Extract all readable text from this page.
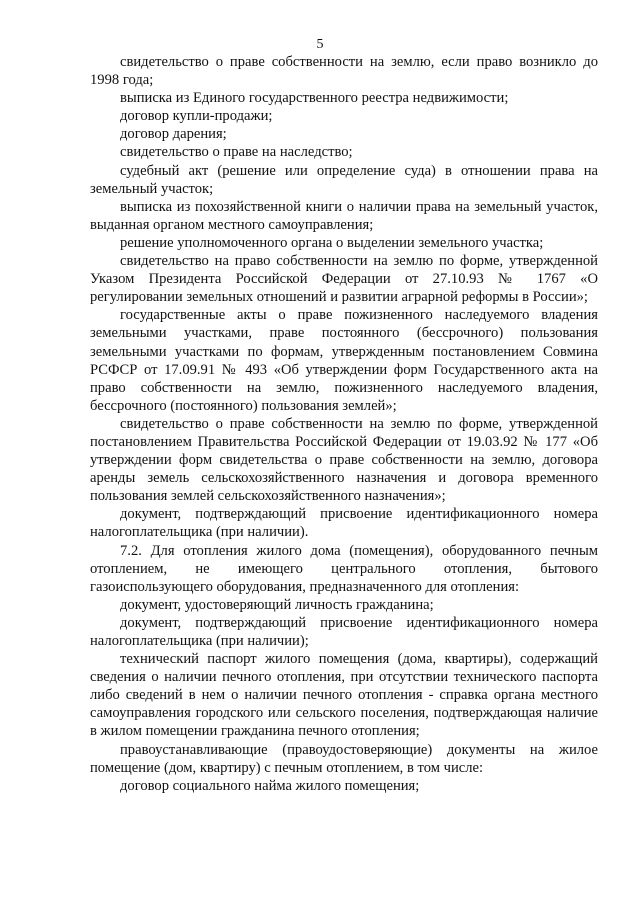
5

свидетельство о праве собственности на землю, если право возникло до 1998 года;

выписка из Единого государственного реестра недвижимости;

договор купли-продажи;

договор дарения;

свидетельство о праве на наследство;

судебный акт (решение или определение суда) в отношении права на земельный участок;

выписка из похозяйственной книги о наличии права на земельный участок, выданная органом местного самоуправления;

решение уполномоченного органа о выделении земельного участка;

свидетельство на право собственности на землю по форме, утвержденной Указом Президента Российской Федерации от 27.10.93 № 1767 «О регулировании земельных отношений и развитии аграрной реформы в России»;

государственные акты о праве пожизненного наследуемого владения земельными участками, праве постоянного (бессрочного) пользования земельными участками по формам, утвержденным постановлением Совмина РСФСР от 17.09.91 № 493 «Об утверждении форм Государственного акта на право собственности на землю, пожизненного наследуемого владения, бессрочного (постоянного) пользования землей»;

свидетельство о праве собственности на землю по форме, утвержденной постановлением Правительства Российской Федерации от 19.03.92 № 177 «Об утверждении форм свидетельства о праве собственности на землю, договора аренды земель сельскохозяйственного назначения и договора временного пользования землей сельскохозяйственного назначения»;

документ, подтверждающий присвоение идентификационного номера налогоплательщика (при наличии).

7.2. Для отопления жилого дома (помещения), оборудованного печным отоплением, не имеющего центрального отопления, бытового газоиспользующего оборудования, предназначенного для отопления:

документ, удостоверяющий личность гражданина;

документ, подтверждающий присвоение идентификационного номера налогоплательщика (при наличии);

технический паспорт жилого помещения (дома, квартиры), содержащий сведения о наличии печного отопления, при отсутствии технического паспорта либо сведений в нем о наличии печного отопления - справка органа местного самоуправления городского или сельского поселения, подтверждающая наличие в жилом помещении гражданина печного отопления;

правоустанавливающие (правоудостоверяющие) документы на жилое помещение (дом, квартиру) с печным отоплением, в том числе:

договор социального найма жилого помещения;
